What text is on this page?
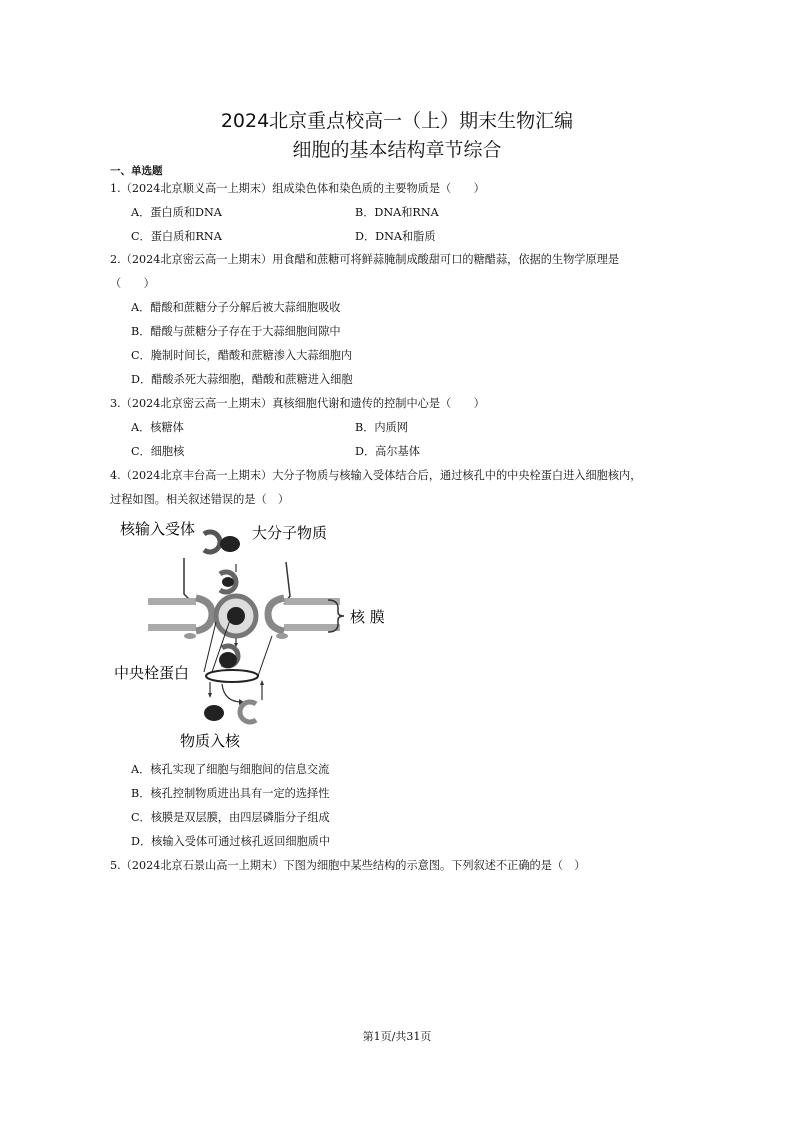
2024北京重点校高一（上）期末生物汇编
细胞的基本结构章节综合
一、单选题
1.（2024北京顺义高一上期末）组成染色体和染色质的主要物质是（　　）
A．蛋白质和DNA	B．DNA和RNA
C．蛋白质和RNA	D．DNA和脂质
2.（2024北京密云高一上期末）用食醋和蔗糖可将鲜蒜腌制成酸甜可口的糖醋蒜，依据的生物学原理是
（　　）
A．醋酸和蔗糖分子分解后被大蒜细胞吸收
B．醋酸与蔗糖分子存在于大蒜细胞间隙中
C．腌制时间长，醋酸和蔗糖渗入大蒜细胞内
D．醋酸杀死大蒜细胞，醋酸和蔗糖进入细胞
3.（2024北京密云高一上期末）真核细胞代谢和遗传的控制中心是（　　）
A．核糖体	B．内质网
C．细胞核	D．高尔基体
4.（2024北京丰台高一上期末）大分子物质与核输入受体结合后，通过核孔中的中央栓蛋白进入细胞核内，
过程如图。相关叙述错误的是（　）
核输入受体	大分子物质
核 膜
中央栓蛋白
物质入核
A．核孔实现了细胞与细胞间的信息交流
B．核孔控制物质进出具有一定的选择性
C．核膜是双层膜，由四层磷脂分子组成
D．核输入受体可通过核孔返回细胞质中
5.（2024北京石景山高一上期末）下图为细胞中某些结构的示意图。下列叙述不正确的是（　）
第1页/共31页
